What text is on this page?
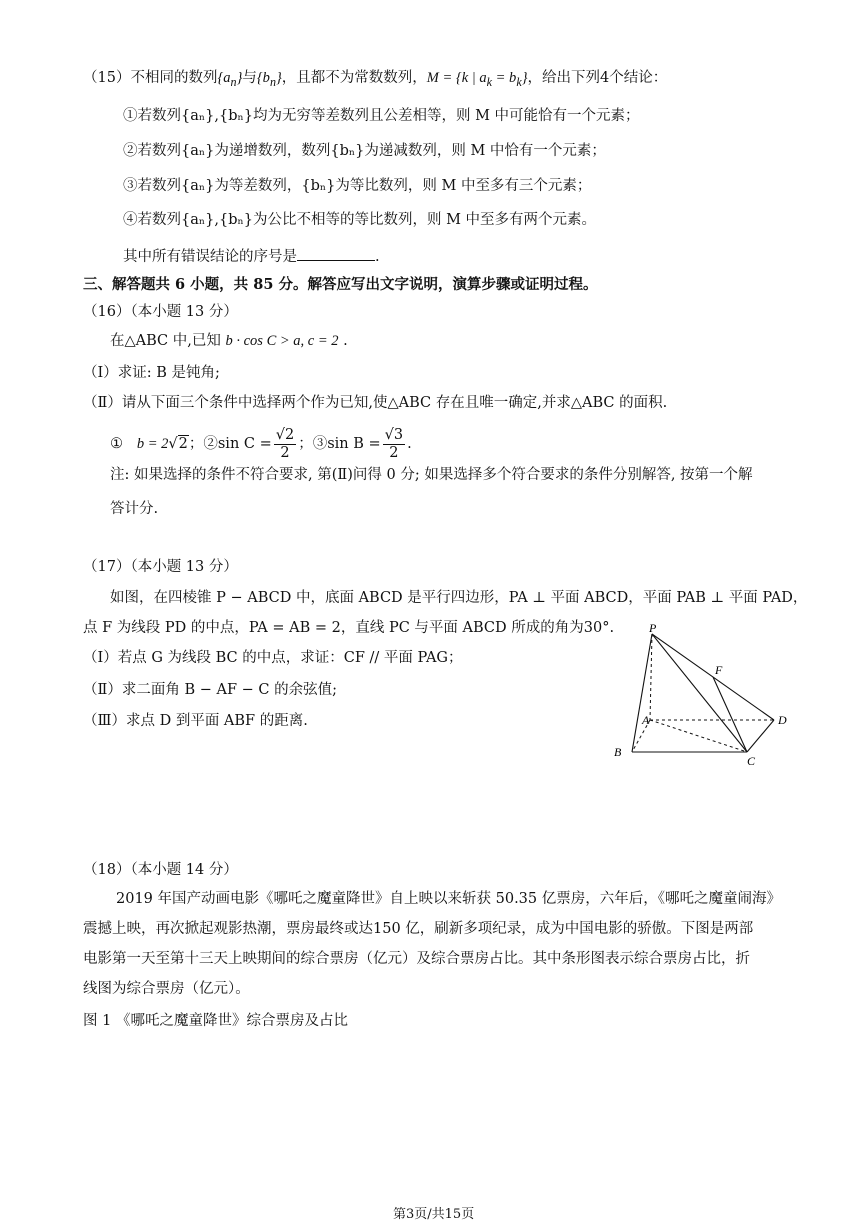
（15）不相同的数列$\{a_n\}$与$\{b_n\}$，且都不为常数数列，M = {k | $a_k = b_k$}，给出下列4个结论：
①若数列{aₙ},{bₙ}均为无穷等差数列且公差相等，则 M 中可能恰有一个元素；
②若数列{aₙ}为递增数列，数列{bₙ}为递减数列，则 M 中恰有一个元素；
③若数列{aₙ}为等差数列，{bₙ}为等比数列，则 M 中至多有三个元素；
④若数列{aₙ},{bₙ}为公比不相等的等比数列，则 M 中至多有两个元素。
其中所有错误结论的序号是	.
三、解答题共 6 小题，共 85 分。解答应写出文字说明，演算步骤或证明过程。
（16）（本小题 13 分）
在△ABC 中,已知 b · cos C > a, c = 2 .
（Ⅰ）求证: B 是钝角;
（Ⅱ）请从下面三个条件中选择两个作为已知,使△ABC 存在且唯一确定,并求△ABC 的面积.
① b = 2√2；②sin $C = \frac{√2}{2}$ ；③sin $B = \frac{√3}{2}$ .
注: 如果选择的条件不符合要求, 第(Ⅱ)问得 0 分; 如果选择多个符合要求的条件分别解答, 按第一个解
答计分.
（17）（本小题 13 分）
如图，在四棱锥 P − ABCD 中，底面 ABCD 是平行四边形，PA ⊥ 平面 ABCD，平面 PAB ⊥ 平面 PAD，
点 F 为线段 PD 的中点，PA = AB = 2，直线 PC 与平面 ABCD 所成的角为30°.
（Ⅰ）若点 G 为线段 BC 的中点，求证：CF // 平面 PAG；
（Ⅱ）求二面角 B − AF − C 的余弦值;
（Ⅲ）求点 D 到平面 ABF 的距离.
P
F
A	D
B
C
（18）（本小题 14 分）
2019 年国产动画电影《哪吒之魔童降世》自上映以来斩获 50.35 亿票房，六年后，《哪吒之魔童闹海》
震撼上映，再次掀起观影热潮，票房最终或达150 亿，刷新多项纪录，成为中国电影的骄傲。下图是两部
电影第一天至第十三天上映期间的综合票房（亿元）及综合票房占比。其中条形图表示综合票房占比，折
线图为综合票房（亿元）。
图 1 《哪吒之魔童降世》综合票房及占比
第3页/共15页
